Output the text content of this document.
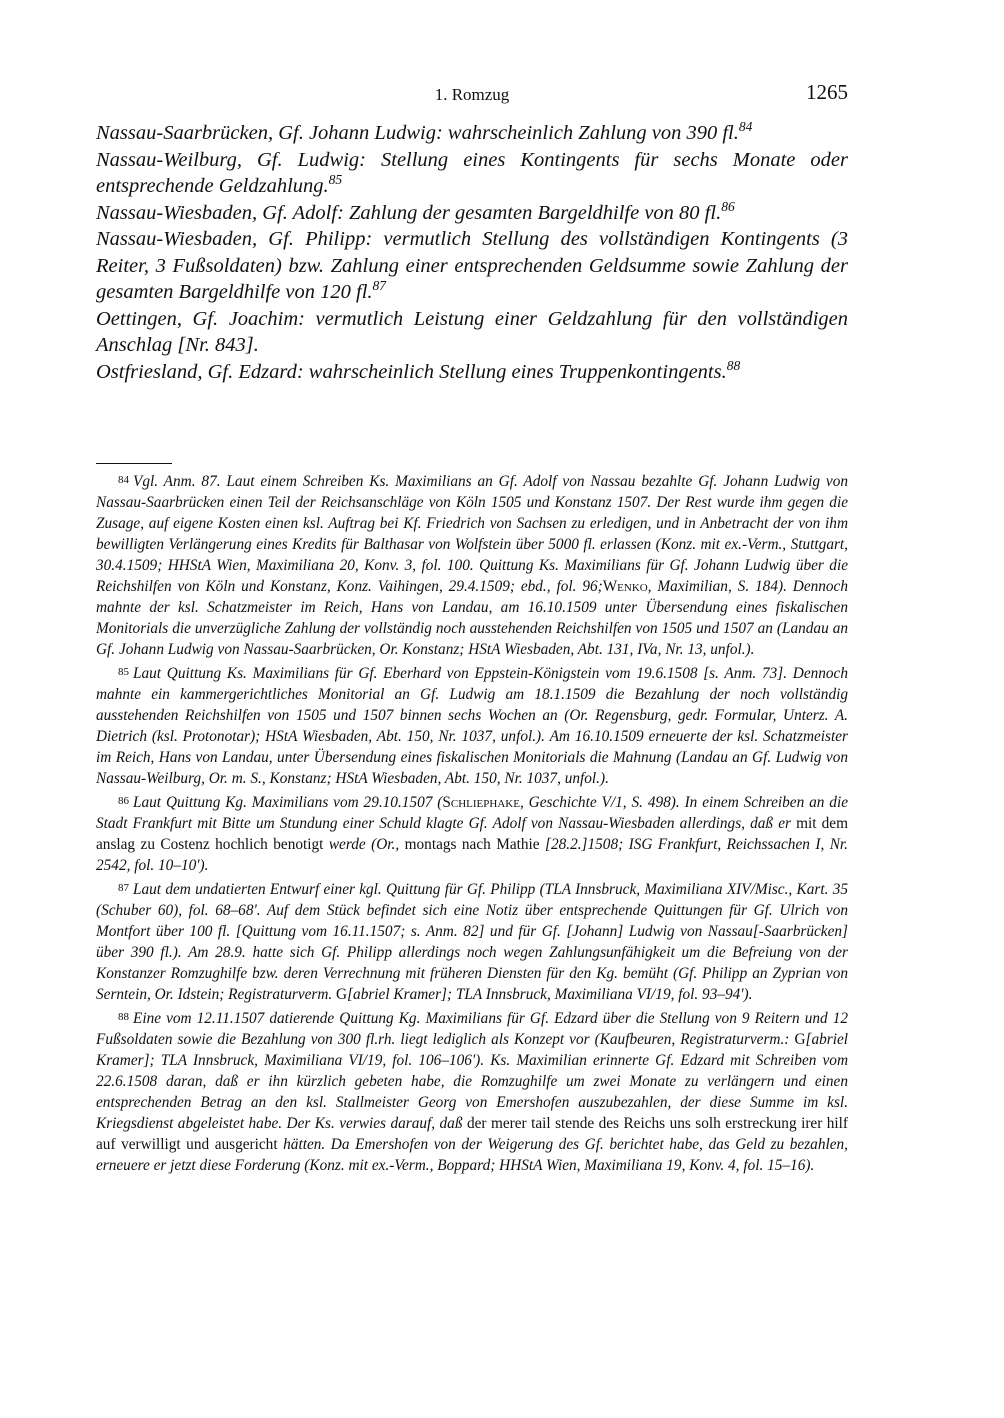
1. Romzug	1265

Nassau-Saarbrücken, Gf. Johann Ludwig: wahrscheinlich Zahlung von 390 fl.$^{84}$

Nassau-Weilburg, Gf. Ludwig: Stellung eines Kontingents für sechs Monate oder entsprechende Geldzahlung.$^{85}$

Nassau-Wiesbaden, Gf. Adolf: Zahlung der gesamten Bargeldhilfe von 80 fl.$^{86}$

Nassau-Wiesbaden, Gf. Philipp: vermutlich Stellung des vollständigen Kontingents (3 Reiter, 3 Fußsoldaten) bzw. Zahlung einer entsprechenden Geldsumme sowie Zahlung der gesamten Bargeldhilfe von 120 fl.$^{87}$

Oettingen, Gf. Joachim: vermutlich Leistung einer Geldzahlung für den vollständigen Anschlag [Nr. 843].

Ostfriesland, Gf. Edzard: wahrscheinlich Stellung eines Truppenkontingents.$^{88}$

84 Vgl. Anm. 87. Laut einem Schreiben Ks. Maximilians an Gf. Adolf von Nassau bezahlte Gf. Johann Ludwig von Nassau-Saarbrücken einen Teil der Reichsanschläge von Köln 1505 und Konstanz 1507. Der Rest wurde ihm gegen die Zusage, auf eigene Kosten einen ksl. Auftrag bei Kf. Friedrich von Sachsen zu erledigen, und in Anbetracht der von ihm bewilligten Verlängerung eines Kredits für Balthasar von Wolfstein über 5000 fl. erlassen (Konz. mit ex.-Verm., Stuttgart, 30.4.1509; HHStA Wien, Maximiliana 20, Konv. 3, fol. 100. Quittung Ks. Maximilians für Gf. Johann Ludwig über die Reichshilfen von Köln und Konstanz, Konz. Vaihingen, 29.4.1509; ebd., fol. 96;Wenko, Maximilian, S. 184). Dennoch mahnte der ksl. Schatzmeister im Reich, Hans von Landau, am 16.10.1509 unter Übersendung eines fiskalischen Monitorials die unverzügliche Zahlung der vollständig noch ausstehenden Reichshilfen von 1505 und 1507 an (Landau an Gf. Johann Ludwig von Nassau-Saarbrücken, Or. Konstanz; HStA Wiesbaden, Abt. 131, IVa, Nr. 13, unfol.).

85 Laut Quittung Ks. Maximilians für Gf. Eberhard von Eppstein-Königstein vom 19.6.1508 [s. Anm. 73]. Dennoch mahnte ein kammergerichtliches Monitorial an Gf. Ludwig am 18.1.1509 die Bezahlung der noch vollständig ausstehenden Reichshilfen von 1505 und 1507 binnen sechs Wochen an (Or. Regensburg, gedr. Formular, Unterz. A. Dietrich (ksl. Protonotar); HStA Wiesbaden, Abt. 150, Nr. 1037, unfol.). Am 16.10.1509 erneuerte der ksl. Schatzmeister im Reich, Hans von Landau, unter Übersendung eines fiskalischen Monitorials die Mahnung (Landau an Gf. Ludwig von Nassau-Weilburg, Or. m. S., Konstanz; HStA Wiesbaden, Abt. 150, Nr. 1037, unfol.).

86 Laut Quittung Kg. Maximilians vom 29.10.1507 (Schliephake, Geschichte V/1, S. 498). In einem Schreiben an die Stadt Frankfurt mit Bitte um Stundung einer Schuld klagte Gf. Adolf von Nassau-Wiesbaden allerdings, daß er mit dem anslag zu Costenz hochlich benotigt werde (Or., montags nach Mathie [28.2.]1508; ISG Frankfurt, Reichssachen I, Nr. 2542, fol. 10–10').

87 Laut dem undatierten Entwurf einer kgl. Quittung für Gf. Philipp (TLA Innsbruck, Maximiliana XIV/Misc., Kart. 35 (Schuber 60), fol. 68–68'. Auf dem Stück befindet sich eine Notiz über entsprechende Quittungen für Gf. Ulrich von Montfort über 100 fl. [Quittung vom 16.11.1507; s. Anm. 82] und für Gf. [Johann] Ludwig von Nassau[-Saarbrücken] über 390 fl.). Am 28.9. hatte sich Gf. Philipp allerdings noch wegen Zahlungsunfähigkeit um die Befreiung von der Konstanzer Romzughilfe bzw. deren Verrechnung mit früheren Diensten für den Kg. bemüht (Gf. Philipp an Zyprian von Serntein, Or. Idstein; Registraturverm. G[abriel Kramer]; TLA Innsbruck, Maximiliana VI/19, fol. 93–94').

88 Eine vom 12.11.1507 datierende Quittung Kg. Maximilians für Gf. Edzard über die Stellung von 9 Reitern und 12 Fußsoldaten sowie die Bezahlung von 300 fl.rh. liegt lediglich als Konzept vor (Kaufbeuren, Registraturverm.: G[abriel Kramer]; TLA Innsbruck, Maximiliana VI/19, fol. 106–106'). Ks. Maximilian erinnerte Gf. Edzard mit Schreiben vom 22.6.1508 daran, daß er ihn kürzlich gebeten habe, die Romzughilfe um zwei Monate zu verlängern und einen entsprechenden Betrag an den ksl. Stallmeister Georg von Emershofen auszubezahlen, der diese Summe im ksl. Kriegsdienst abgeleistet habe. Der Ks. verwies darauf, daß der merer tail stende des Reichs uns solh erstreckung irer hilf auf verwilligt und ausgericht hätten. Da Emershofen von der Weigerung des Gf. berichtet habe, das Geld zu bezahlen, erneuere er jetzt diese Forderung (Konz. mit ex.-Verm., Boppard; HHStA Wien, Maximiliana 19, Konv. 4, fol. 15–16).
